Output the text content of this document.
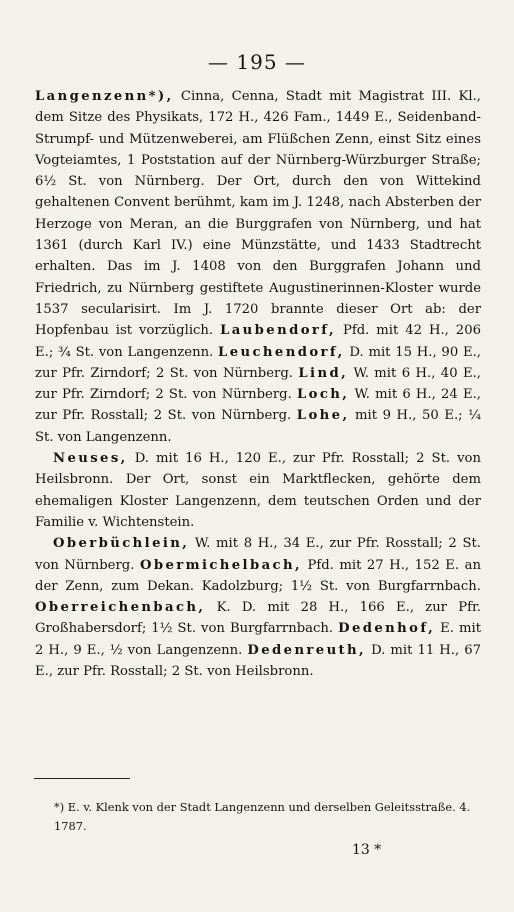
— 195 —

Langenzenn*), Cinna, Cenna, Stadt mit Magistrat III. Kl., dem Sitze des Physikats, 172 H., 426 Fam., 1449 E., Seidenband- Strumpf- und Mützenweberei, am Flüßchen Zenn, einst Sitz eines Vogteiamtes, 1 Poststation auf der Nürnberg-Würzburger Straße; 6½ St. von Nürnberg. Der Ort, durch den von Wittekind gehaltenen Convent berühmt, kam im J. 1248, nach Absterben der Herzoge von Meran, an die Burggrafen von Nürnberg, und hat 1361 (durch Karl IV.) eine Münzstätte, und 1433 Stadtrecht erhalten. Das im J. 1408 von den Burggrafen Johann und Friedrich, zu Nürnberg gestiftete Augustinerinnen-Kloster wurde 1537 secularisirt. Im J. 1720 brannte dieser Ort ab: der Hopfenbau ist vorzüglich. Laubendorf, Pfd. mit 42 H., 206 E.; ¾ St. von Langenzenn. Leuchendorf, D. mit 15 H., 90 E., zur Pfr. Zirndorf; 2 St. von Nürnberg. Lind, W. mit 6 H., 40 E., zur Pfr. Zirndorf; 2 St. von Nürnberg. Loch, W. mit 6 H., 24 E., zur Pfr. Rosstall; 2 St. von Nürnberg. Lohe, mit 9 H., 50 E.; ¼ St. von Langenzenn.

Neuses, D. mit 16 H., 120 E., zur Pfr. Rosstall; 2 St. von Heilsbronn. Der Ort, sonst ein Marktflecken, gehörte dem ehemaligen Kloster Langenzenn, dem teutschen Orden und der Familie v. Wichtenstein.

Oberbüchlein, W. mit 8 H., 34 E., zur Pfr. Rosstall; 2 St. von Nürnberg. Obermichelbach, Pfd. mit 27 H., 152 E. an der Zenn, zum Dekan. Kadolzburg; 1½ St. von Burgfarrnbach. Oberreichenbach, K. D. mit 28 H., 166 E., zur Pfr. Großhabersdorf; 1½ St. von Burgfarrnbach. Dedenhof, E. mit 2 H., 9 E., ½ von Langenzenn. Dedenreuth, D. mit 11 H., 67 E., zur Pfr. Rosstall; 2 St. von Heilsbronn.

*) E. v. Klenk von der Stadt Langenzenn und derselben Geleitsstraße. 4. 1787.
13 *
